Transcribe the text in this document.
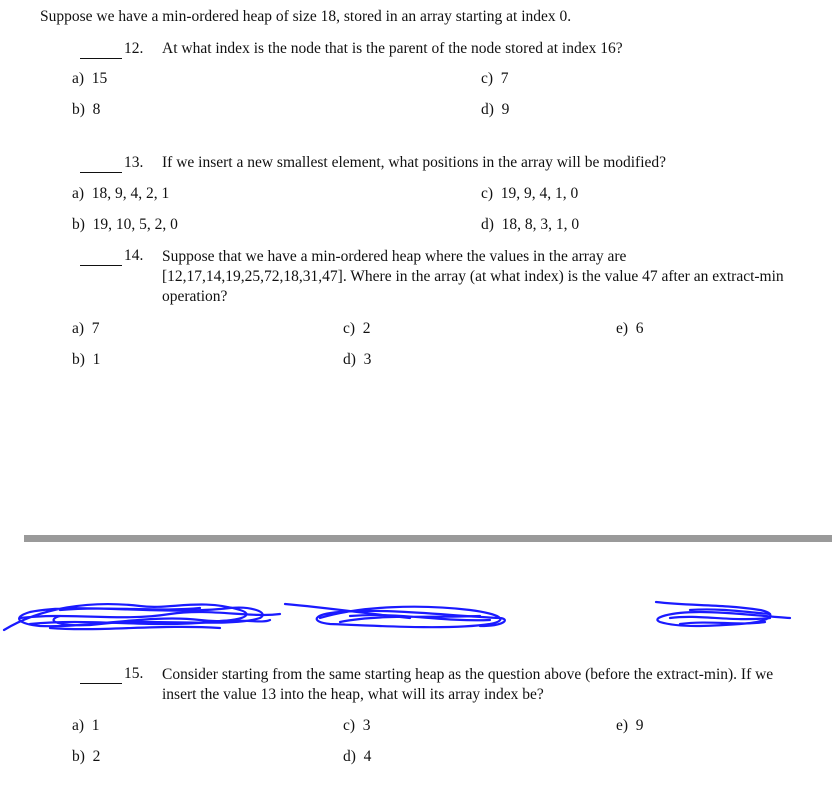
Suppose we have a min-ordered heap of size 18, stored in an array starting at index 0.
12. At what index is the node that is the parent of the node stored at index 16?
a) 15
b) 8
c) 7
d) 9
13. If we insert a new smallest element, what positions in the array will be modified?
a) 18, 9, 4, 2, 1
b) 19, 10, 5, 2, 0
c) 19, 9, 4, 1, 0
d) 18, 8, 3, 1, 0
14. Suppose that we have a min-ordered heap where the values in the array are [12,17,14,19,25,72,18,31,47]. Where in the array (at what index) is the value 47 after an extract-min operation?
a) 7
b) 1
c) 2
d) 3
e) 6
15. Consider starting from the same starting heap as the question above (before the extract-min). If we insert the value 13 into the heap, what will its array index be?
a) 1
b) 2
c) 3
d) 4
e) 9
